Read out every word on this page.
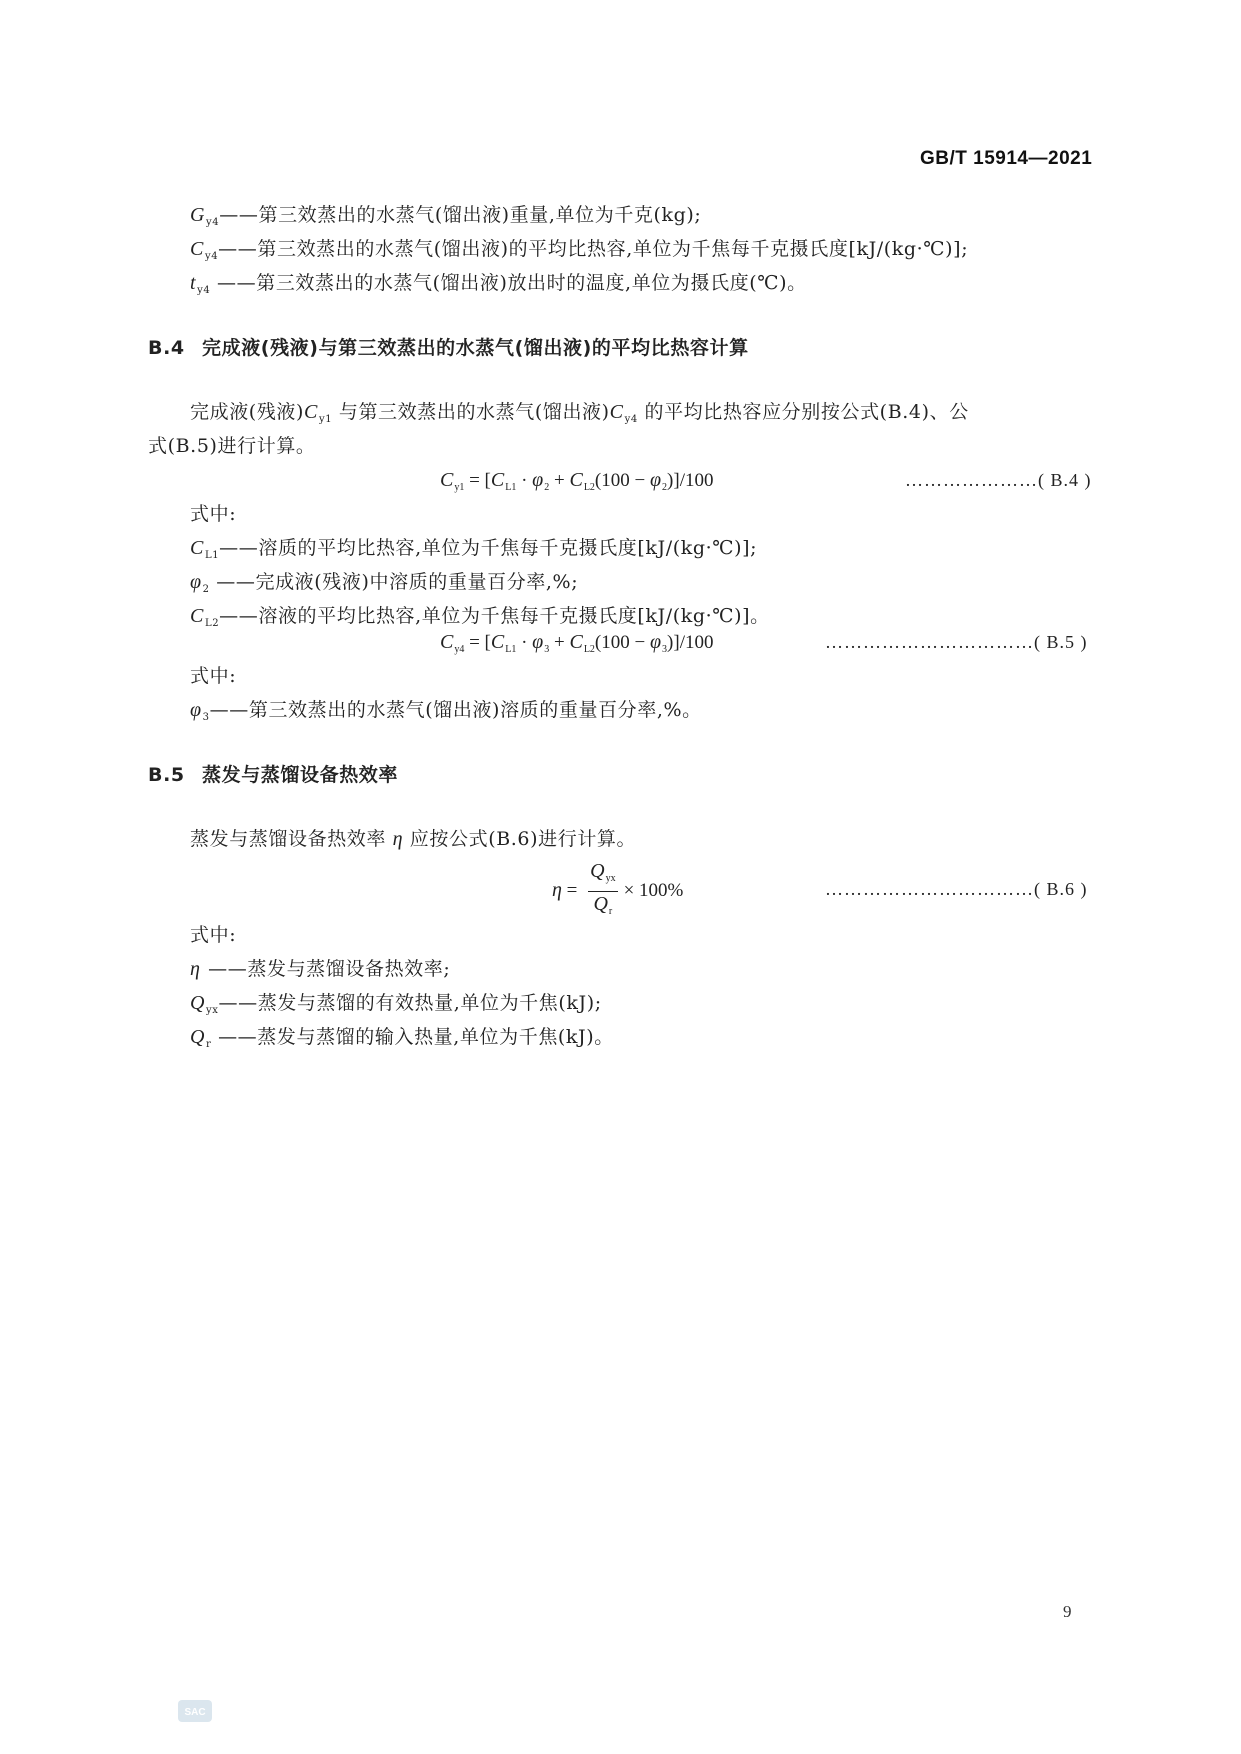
GB/T 15914—2021
$G_{y4}——$第三效蒸出的水蒸气(馏出液)重量,单位为千克(kg);
$C_{y4}——$第三效蒸出的水蒸气(馏出液)的平均比热容,单位为千焦每千克摄氏度[kJ/(kg·℃)];
$t_{y4}$ ——第三效蒸出的水蒸气(馏出液)放出时的温度,单位为摄氏度(℃)。
B.4 完成液(残液)与第三效蒸出的水蒸气(馏出液)的平均比热容计算
完成液(残液)$C_{y1}$ 与第三效蒸出的水蒸气(馏出液)$C_{y4}$ 的平均比热容应分别按公式(B.4)、公
式(B.5)进行计算。
$C_{y1} = [C_{L1} \cdot \varphi_2 + C_{L2}(100 - \varphi_2)]/100$	…………………( B.4 )
式中:
$C_{L1}——$溶质的平均比热容,单位为千焦每千克摄氏度[kJ/(kg·℃)];
$\varphi_2$ ——完成液(残液)中溶质的重量百分率,%;
$C_{L2}——$溶液的平均比热容,单位为千焦每千克摄氏度[kJ/(kg·℃)]。
$C_{y4} = [C_{L1} \cdot \varphi_3 + C_{L2}(100 - \varphi_3)]/100$	……………………………( B.5 )
式中:
$\varphi_3——$第三效蒸出的水蒸气(馏出液)溶质的重量百分率,%。
B.5 蒸发与蒸馏设备热效率
蒸发与蒸馏设备热效率 η 应按公式(B.6)进行计算。
$\eta = \frac{Q_{yx}}{Q_r} \times 100\%$	……………………………( B.6 )
式中:
η ——蒸发与蒸馏设备热效率;
$Q_{yx}——$蒸发与蒸馏的有效热量,单位为千焦(kJ);
$Q_r$ ——蒸发与蒸馏的输入热量,单位为千焦(kJ)。
9
SAC
